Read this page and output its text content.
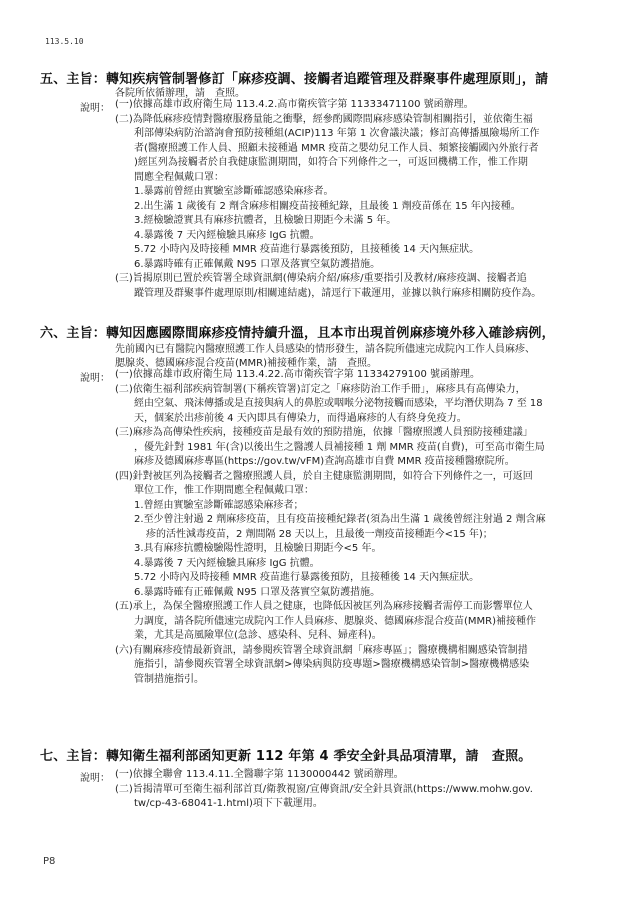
113.5.10
五、主旨：轉知疾病管制署修訂「麻疹疫調、接觸者追蹤管理及群聚事件處理原則」，請
各院所依循辦理，請　查照。
說明： (一)依據高雄市政府衛生局 113.4.2.高市衛疾管字第 11333471100 號函辦理。
(二)為降低麻疹疫情對醫療服務量能之衝擊，經參酌國際間麻疹感染管制相關指引，並依衛生福
利部傳染病防治諮詢會預防接種組(ACIP)113 年第 1 次會議決議；修訂高傳播風險場所工作
者(醫療照護工作人員、照顧未接種過 MMR 疫苗之嬰幼兒工作人員、頻繁接觸國內外旅行者
)經匡列為接觸者於自我健康監測期間，如符合下列條件之一，可返回機構工作，惟工作期
間應全程佩戴口罩：
1.暴露前曾經由實驗室診斷確認感染麻疹者。
2.出生滿 1 歲後有 2 劑含麻疹相關疫苗接種紀錄，且最後 1 劑疫苗係在 15 年內接種。
3.經檢驗證實具有麻疹抗體者，且檢驗日期距今未滿 5 年。
4.暴露後 7 天內經檢驗具麻疹 IgG 抗體。
5.72 小時內及時接種 MMR 疫苗進行暴露後預防，且接種後 14 天內無症狀。
6.暴露時確有正確佩戴 N95 口罩及落實空氣防護措施。
(三)旨揭原則已置於疾管署全球資訊網(傳染病介紹/麻疹/重要指引及教材/麻疹疫調、接觸者追
蹤管理及群聚事件處理原則/相關連結處)，請逕行下載運用，並據以執行麻疹相關防疫作為。
六、主旨：轉知因應國際間麻疹疫情持續升溫，且本市出現首例麻疹境外移入確診病例，
先前國內已有醫院內醫療照護工作人員感染的情形發生，請各院所儘速完成院內工作人員麻疹、
腮腺炎、德國麻疹混合疫苗(MMR)補接種作業，請　查照。
說明： (一)依據高雄市政府衛生局 113.4.22.高市衛疾管字第 11334279100 號函辦理。
(二)依衛生福利部疾病管制署(下稱疾管署)訂定之「麻疹防治工作手冊」，麻疹具有高傳染力，
經由空氣、飛沫傳播或是直接與病人的鼻腔或咽喉分泌物接觸而感染，平均潛伏期為 7 至 18
天，個案於出疹前後 4 天內即具有傳染力，而得過麻疹的人有終身免疫力。
(三)麻疹為高傳染性疾病，接種疫苗是最有效的預防措施，依據「醫療照護人員預防接種建議」
，優先針對 1981 年(含)以後出生之醫護人員補接種 1 劑 MMR 疫苗(自費)，可至高市衛生局
麻疹及德國麻疹專區(https://gov.tw/vFM)查詢高雄市自費 MMR 疫苗接種醫療院所。
(四)針對被匡列為接觸者之醫療照護人員，於自主健康監測期間，如符合下列條件之一，可返回
單位工作，惟工作期間應全程佩戴口罩：
1.曾經由實驗室診斷確認感染麻疹者；
2.至少曾注射過 2 劑麻疹疫苗，且有疫苗接種紀錄者(須為出生滿 1 歲後曾經注射過 2 劑含麻
疹的活性減毒疫苗，2 劑間隔 28 天以上，且最後一劑疫苗接種距今<15 年)；
3.具有麻疹抗體檢驗陽性證明，且檢驗日期距今<5 年。
4.暴露後 7 天內經檢驗具麻疹 IgG 抗體。
5.72 小時內及時接種 MMR 疫苗進行暴露後預防，且接種後 14 天內無症狀。
6.暴露時確有正確佩戴 N95 口罩及落實空氣防護措施。
(五)承上，為保全醫療照護工作人員之健康，也降低因被匡列為麻疹接觸者需停工而影響單位人
力調度，請各院所儘速完成院內工作人員麻疹、腮腺炎、德國麻疹混合疫苗(MMR)補接種作
業，尤其是高風險單位(急診、感染科、兒科、婦產科)。
(六)有關麻疹疫情最新資訊，請參閱疾管署全球資訊網「麻疹專區」；醫療機構相關感染管制措
施指引，請參閱疾管署全球資訊網>傳染病與防疫專題>醫療機構感染管制>醫療機構感染
管制措施指引。
七、主旨：轉知衛生福利部函知更新 112 年第 4 季安全針具品項清單，請　查照。
說明： (一)依據全聯會 113.4.11.全醫聯字第 1130000442 號函辦理。
(二)旨揭清單可至衛生福利部首頁/衛教視窗/宣傳資訊/安全針具資訊(https://www.mohw.gov.
tw/cp-43-68041-1.html)項下下載運用。
P8
